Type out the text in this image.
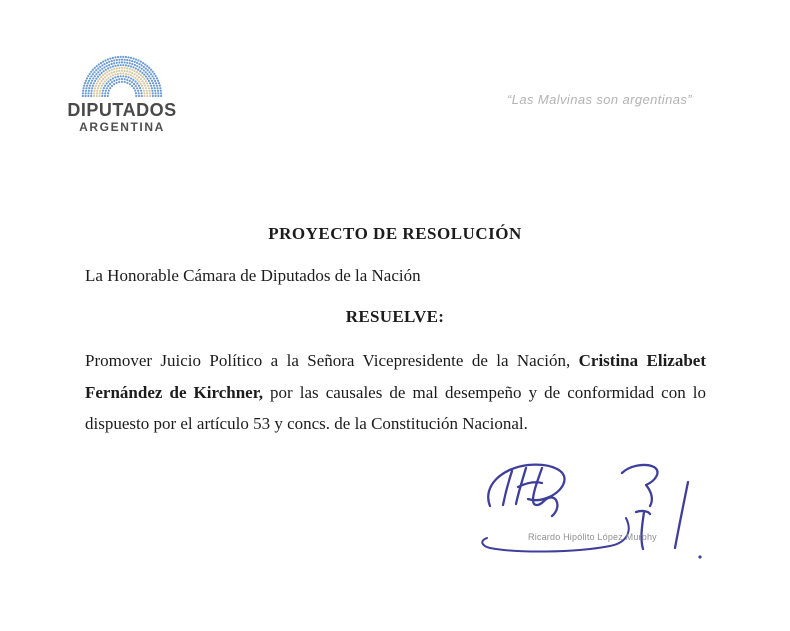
DIPUTADOS
ARGENTINA
“Las Malvinas son argentinas”
PROYECTO DE RESOLUCIÓN
La Honorable Cámara de Diputados de la Nación
RESUELVE:
Promover Juicio Político a la Señora Vicepresidente de la Nación, Cristina Elizabet Fernández de Kirchner, por las causales de mal desempeño y de conformidad con lo dispuesto por el artículo 53 y concs. de la Constitución Nacional.
Ricardo Hipólito López Murphy
